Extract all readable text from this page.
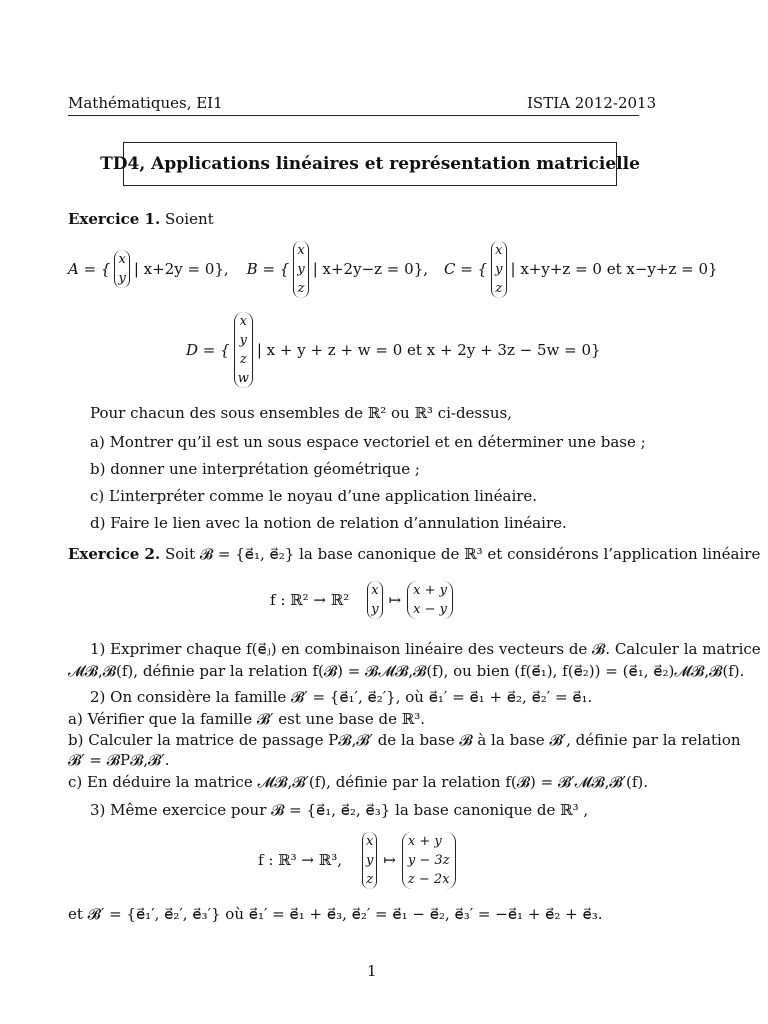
Mathématiques, EI1	ISTIA 2012-2013
TD4, Applications linéaires et représentation matricielle
Exercice 1. Soient
A = {
x
y
| x+2y = 0}, B = {
x
y
z
| x+2y−z = 0}, C = {
x
y
z
| x+y+z = 0 et x−y+z = 0}
D = {
x
y
z
w
| x + y + z + w = 0 et x + 2y + 3z − 5w = 0}
Pour chacun des sous ensembles de ℝ² ou ℝ³ ci-dessus,
a) Montrer qu’il est un sous espace vectoriel et en déterminer une base ;
b) donner une interprétation géométrique ;
c) L’interpréter comme le noyau d’une application linéaire.
d) Faire le lien avec la notion de relation d’annulation linéaire.
Exercice 2. Soit 𝓑 = {e⃗₁, e⃗₂} la base canonique de ℝ³ et considérons l’application linéaire
f : ℝ² → ℝ²
x
y
↦
x + y
x − y
1) Exprimer chaque f(e⃗ⱼ) en combinaison linéaire des vecteurs de 𝓑. Calculer la matrice
𝓜𝓑,𝓑(f), définie par la relation f(𝓑) = 𝓑𝓜𝓑,𝓑(f), ou bien (f(e⃗₁), f(e⃗₂)) = (e⃗₁, e⃗₂)𝓜𝓑,𝓑(f).
2) On considère la famille 𝓑′ = {e⃗₁′, e⃗₂′}, où e⃗₁′ = e⃗₁ + e⃗₂, e⃗₂′ = e⃗₁.
a) Vérifier que la famille 𝓑′ est une base de ℝ³.
b) Calculer la matrice de passage P𝓑,𝓑′ de la base 𝓑 à la base 𝓑′, définie par la relation
𝓑′ = 𝓑P𝓑,𝓑′.
c) En déduire la matrice 𝓜𝓑,𝓑′(f), définie par la relation f(𝓑) = 𝓑′𝓜𝓑,𝓑′(f).
3) Même exercice pour 𝓑 = {e⃗₁, e⃗₂, e⃗₃} la base canonique de ℝ³ ,
f : ℝ³ → ℝ³,
x
y
z
↦
x + y
y − 3z
z − 2x
et 𝓑′ = {e⃗₁′, e⃗₂′, e⃗₃′} où e⃗₁′ = e⃗₁ + e⃗₃, e⃗₂′ = e⃗₁ − e⃗₂, e⃗₃′ = −e⃗₁ + e⃗₂ + e⃗₃.
1
